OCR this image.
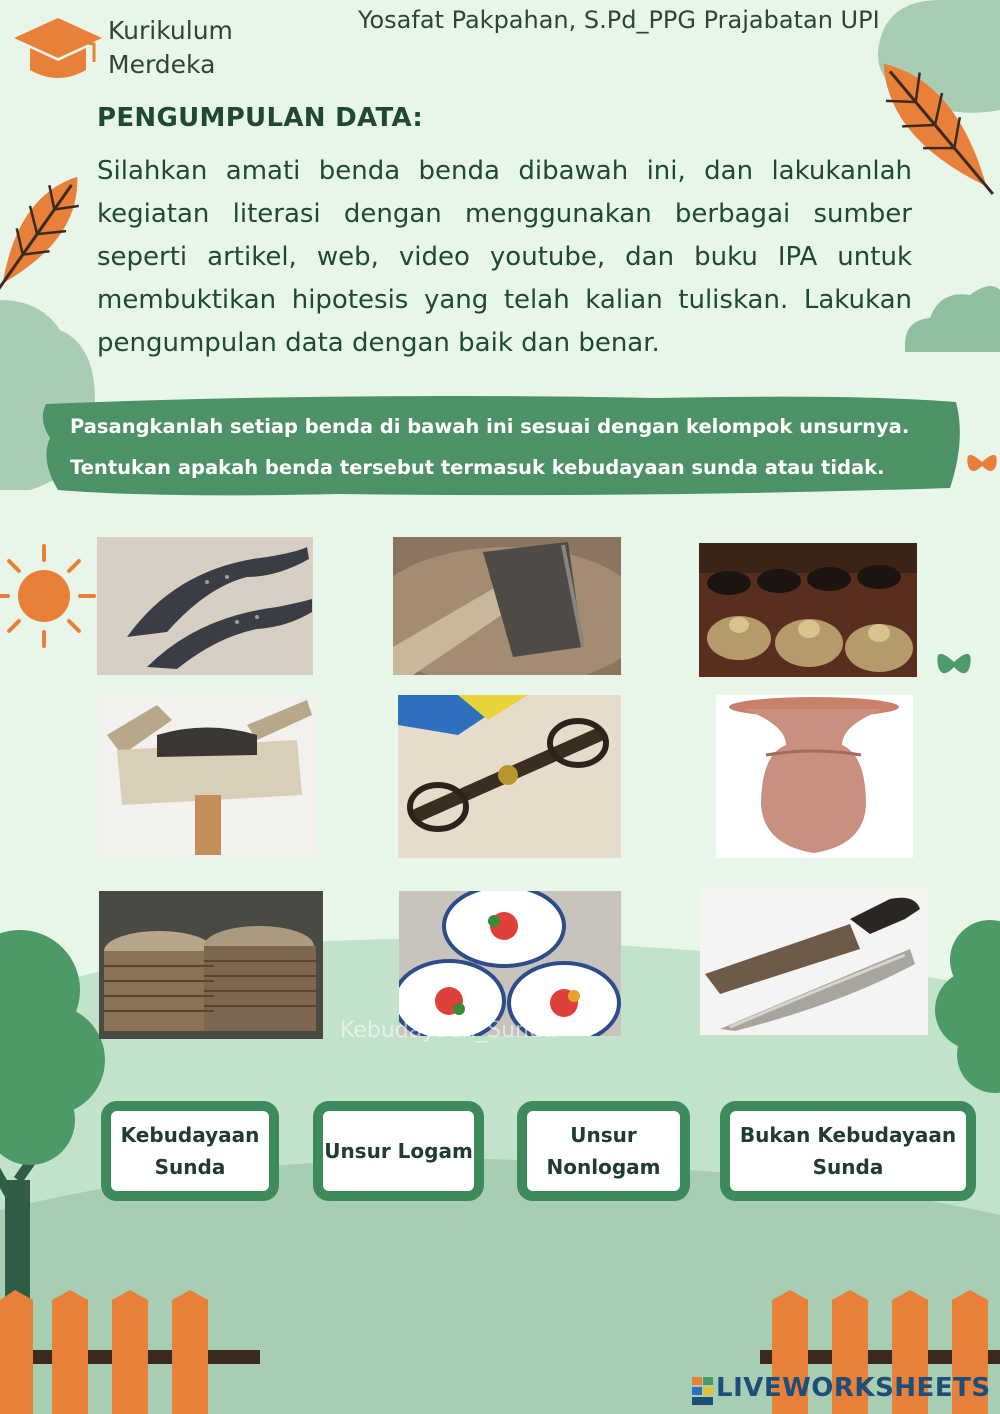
Kurikulum
Merdeka
Yosafat Pakpahan, S.Pd_PPG Prajabatan UPI
PENGUMPULAN DATA:
Silahkan amati benda benda dibawah ini, dan lakukanlah kegiatan literasi dengan menggunakan berbagai sumber seperti artikel, web, video youtube, dan buku IPA untuk membuktikan hipotesis yang telah kalian tuliskan. Lakukan pengumpulan data dengan baik dan benar.
Pasangkanlah setiap benda di bawah ini sesuai dengan kelompok unsurnya.
Tentukan apakah benda tersebut termasuk kebudayaan sunda atau tidak.
Kebudayaan_Sunda
Kebudayaan
Sunda
Unsur Logam
Unsur
Nonlogam
Bukan Kebudayaan
Sunda
LIVEWORKSHEETS
